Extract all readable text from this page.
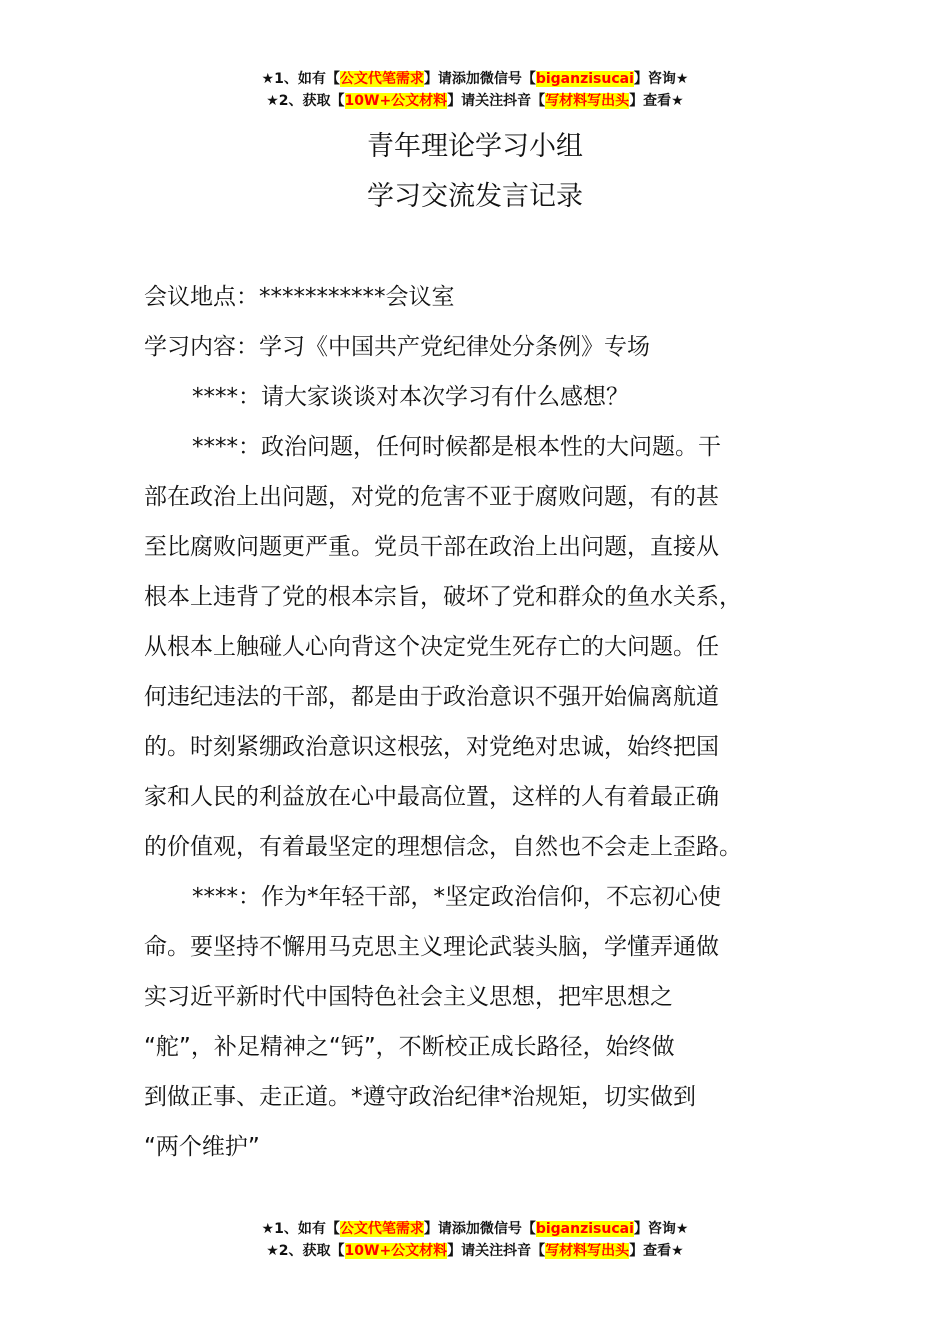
★1、如有【公文代笔需求】请添加微信号【biganzisucai】咨询★
★2、获取【10W+公文材料】请关注抖音【写材料写出头】查看★
青年理论学习小组
学习交流发言记录

会议地点：***********会议室

学习内容：学习《中国共产党纪律处分条例》专场

****：请大家谈谈对本次学习有什么感想？

****：政治问题，任何时候都是根本性的大问题。干

部在政治上出问题，对党的危害不亚于腐败问题，有的甚

至比腐败问题更严重。党员干部在政治上出问题，直接从

根本上违背了党的根本宗旨，破坏了党和群众的鱼水关系，

从根本上触碰人心向背这个决定党生死存亡的大问题。任

何违纪违法的干部，都是由于政治意识不强开始偏离航道

的。时刻紧绷政治意识这根弦，对党绝对忠诚，始终把国

家和人民的利益放在心中最高位置，这样的人有着最正确

的价值观，有着最坚定的理想信念，自然也不会走上歪路。

****：作为*年轻干部，*坚定政治信仰，不忘初心使

命。要坚持不懈用马克思主义理论武装头脑，学懂弄通做

实习近平新时代中国特色社会主义思想，把牢思想之

“舵”，补足精神之“钙”，不断校正成长路径，始终做

到做正事、走正道。*遵守政治纪律*治规矩，切实做到

“两个维护”

★1、如有【公文代笔需求】请添加微信号【biganzisucai】咨询★
★2、获取【10W+公文材料】请关注抖音【写材料写出头】查看★
